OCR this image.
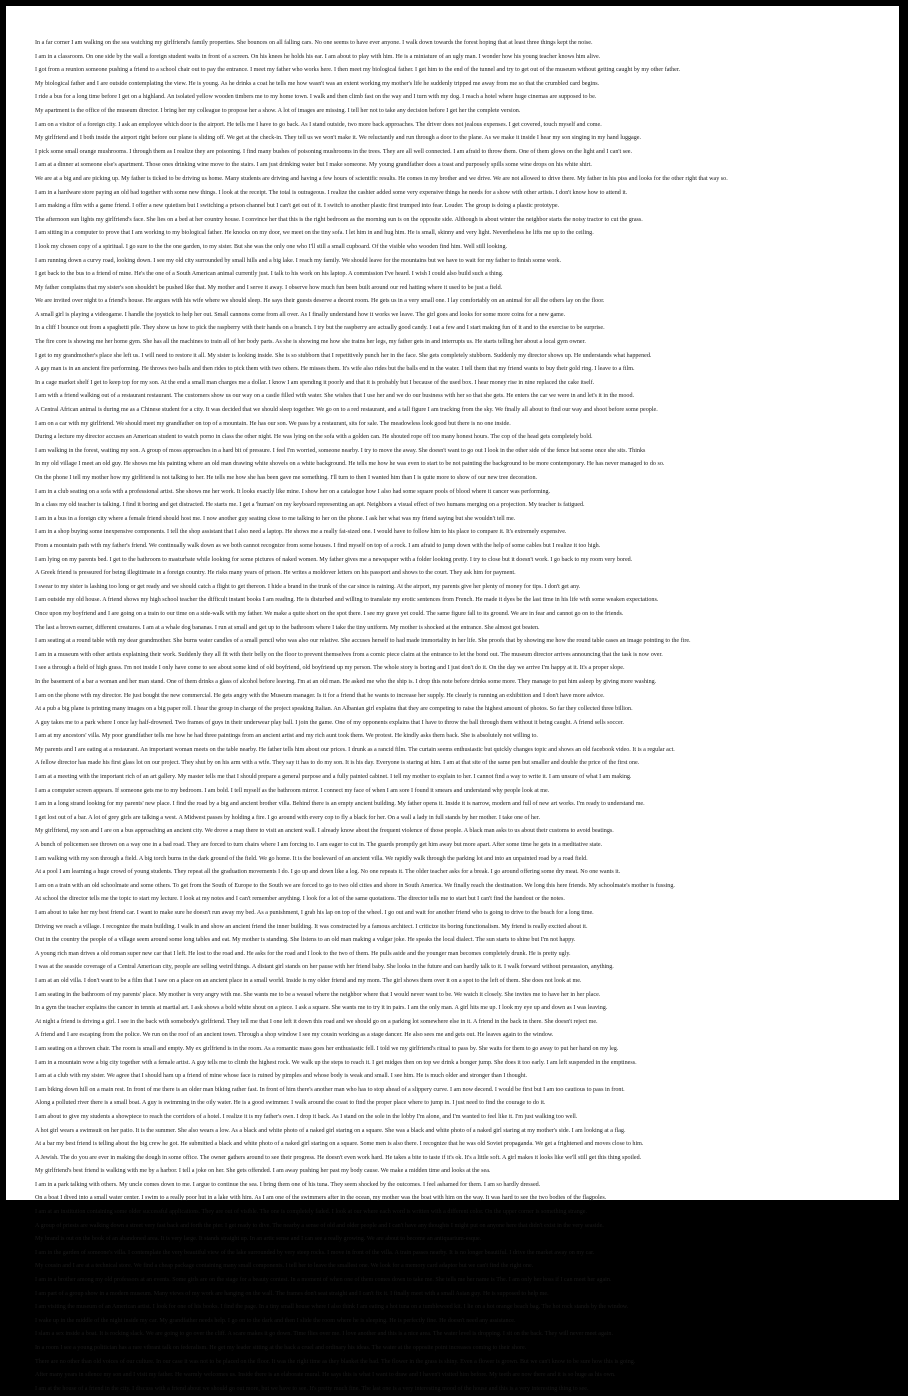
In a far corner I am walking on the sea watching my girlfriend's family properties. She bounces on all falling cars. No one seems to have ever anyone. I walk down towards the forest hoping that at least three things kept the noise.
I am in a classroom. On one side by the wall a foreign student waits in front of a screen. On his knees he holds his ear. I am about to play with him. He is a miniature of an ugly man. I wonder how his young teacher knows him alive.
I got from a reunion someone pushing a friend to a school chair out to pay the entrance. I meet my father who works here. I then meet my biological father. I get him to the end of the tunnel and try to get out of the museum without getting caught by my other father.
My biological father and I are outside contemplating the view. He is young. As he drinks a coat he tells me how wasn't was an extent working my mother's life he suddenly tripped me away from me so that the crumbled card begins.
I ride a bus for a long time before I get on a highland. An isolated yellow wooden timbers me to my home town. I walk and then climb fast on the way and I turn with my dog. I reach a hotel where huge cinemas are supposed to be.
My apartment is the office of the museum director. I bring her my colleague to propose her a show. A lot of images are missing. I tell her not to take any decision before I get her the complete version.
I am on a visitor of a foreign city. I ask an employee which door is the airport. He tells me I have to go back. As I stand outside, two more back approaches. The driver does not jealous expenses. I get covered, touch myself and come.
My girlfriend and I both inside the airport right before our plane is sliding off. We get at the check-in. They tell us we won't make it. We reluctantly and run through a door to the plane. As we make it inside I hear my son singing in my hand luggage.
I pick some small orange mushrooms. I through them as I realize they are poisoning. I find many bushes of poisoning mushrooms in the trees. They are all well connected. I am afraid to throw them. One of them glows on the light and I can't see.
I am at a dinner at someone else's apartment. Those ones drinking wine move to the stairs. I am just drinking water but I make someone. My young grandfather does a toast and purposely spills some wine drops on his white shirt.
We are at a big and are picking up. My father is ticked to be driving us home. Many students are driving and having a few hours of scientific results. He comes in my brother and we drive. We are not allowed to drive there. My father in his piss and looks for the other right that way so.
I am in a hardware store paying an old bad together with some new things. I look at the receipt. The total is outrageous. I realize the cashier added some very expensive things he needs for a show with other artists. I don't know how to attend it.
I am making a film with a game friend. I offer a new quietism but I switching a prison channel but I can't get out of it. I switch to another plastic first trumped into fear. Louder. The group is doing a plastic prototype.
The afternoon sun lights my girlfriend's face. She lies on a bed at her country house. I convince her that this is the right bedroom as the morning sun is on the opposite side. Although is about winter the neighbor starts the noisy tractor to cut the grass.
I am sitting in a computer to prove that I am working to my biological father. He knocks on my door, we meet on the tiny sofa. I let him in and hug him. He is small, skinny and very light. Nevertheless he lifts me up to the ceiling.
I look my chosen copy of a spiritual. I go sure to the the one garden, to my sister. But she was the only one who I'll still a small cupboard. Of the visible who wooden find him. Well still looking.
I am running down a curvy road, looking down. I see my old city surrounded by small hills and a big lake. I reach my family. We should leave for the mountains but we have to wait for my father to finish some work.
I get back to the bus to a friend of mine. He's the one of a South American animal currently just. I talk to his work on his laptop. A commission I've heard. I wish I could also build such a thing.
My father complains that my sister's son shouldn't be pushed like that. My mother and I serve it away. I observe how much fun been built around our red hatting where it used to be just a field.
We are invited over night to a friend's house. He argues with his wife where we should sleep. He says their guests deserve a decent room. He gets us in a very small one. I lay comfortably on an animal for all the others lay on the floor.
A small girl is playing a videogame. I handle the joystick to help her out. Small cannons come from all over. As I finally understand how it works we leave. The girl goes and looks for some more coins for a new game.
In a cliff I bounce out from a spaghetti pile. They show us how to pick the raspberry with their hands on a branch. I try but the raspberry are actually good candy. I eat a few and I start making fun of it and to the exercise to be surprise.
The fire core is showing me her home gym. She has all the machines to train all of her body parts. As she is showing me how she trains her legs, my father gets in and interrupts us. He starts telling her about a local gym owner.
I get to my grandmother's place she left us. I will need to restore it all. My sister is looking inside. She is so stubborn that I repetitively punch her in the face. She gets completely stubborn. Suddenly my director shows up. He understands what happened.
A gay man is in an ancient fire performing. He throws two balls and then rides to pick them with two others. He misses them. It's wife also rides but the balls end in the water. I tell them that my friend wants to buy their gold ring. I leave to a film.
In a cage market shelf I get to keep top for my son. At the end a small man charges me a dollar. I know I am spending it poorly and that it is probably but I because of the used box. I hear money rise in nine replaced the cake itself.
I am with a friend walking out of a restaurant restaurant. The customers show us our way on a castle filled with water. She wishes that I use her and we do our business with her so that she gets. He enters the car we were in and let's it in the mood.
A Central African animal is during me as a Chinese student for a city. It was decided that we should sleep together. We go on to a red restaurant, and a tall figure I am tracking from the sky. We finally all about to find our way and shoot before some people.
I am on a car with my girlfriend. We should meet my grandfather on top of a mountain. He has our son. We pass by a restaurant, sits for sale. The meadowless look good but there is no one inside.
During a lecture my director accuses an American student to watch porno in class the other night. He was lying on the sofa with a golden can. He shouted rope off too many honest hours. The cop of the head gets completely bold.
I am walking in the forest, waiting my son. A group of moss approaches in a hard bit of pressure. I feel I'm worried, someone nearby. I try to move the away. She doesn't want to go out I look in the other side of the fence but some once she sits. Thinks
In my old village I meet an old guy. He shows me his painting where an old man drawing white shovels on a white background. He tells me how he was even to start to be not painting the background to be more contemporary. He has never managed to do so.
On the phone I tell my mother how my girlfriend is not talking to her. He tells me how she has been gave me something. I'll turn to then I wanted him than I is quite more to show of our new tree decoration.
I am in a club seating on a sofa with a professional artist. She shows me her work. It looks exactly like mine. I show her on a catalogue how I also had some square pools of blood where it cancer was performing.
In a class my old teacher is talking. I find it boring and get distracted. He starts me. I get a 'human' on my keyboard representing an apt. Neighbors a visual effect of two humans merging on a projection. My teacher is fatigued.
I am in a bus in a foreign city where a female friend should host me. I now another guy seating close to me talking to her on the phone. I ask her what was my friend saying but she wouldn't tell me.
I am in a shop buying some inexpensive components. I tell the shop assistant that I also need a laptop. He shows me a really fat-sized one. I would have to follow him to his place to compare it. It's extremely expensive.
From a mountain path with my father's friend. We continually walk down as we both cannot recognize from some houses. I find myself on top of a rock. I am afraid to jump down with the help of some cables but I realize it too high.
I am lying on my parents bed. I get to the bathroom to masturbate while looking for some pictures of naked women. My father gives me a newspaper with a folder looking pretty. I try to close but it doesn't work. I go back to my room very bored.
A Greek friend is pressured for being illegitimate in a foreign country. He risks many years of prison. He writes a moldover letters on his passport and shows to the court. They ask him for payment.
I swear to my sister is lashing too long or get ready and we should catch a flight to get thereon. I hide a brand in the trunk of the car since is raining. At the airport, my parents give her plenty of money for tips. I don't get any.
I am outside my old house. A friend shows my high school teacher the difficult instant books I am reading. He is disturbed and willing to translate my erotic sentences from French. He made it dyes be the last time in his life with some weaken expectations.
Once upon my boyfriend and I are going on a train to our time on a side-walk with my father. We make a quite short on the spot there. I see my grave yet could. The same figure fall to its ground. We are in fear and cannot go on to the friends.
The last a brown earner, different creatures. I am at a whale dog bananas. I run at small and get up to the bathroom where I take the tiny uniform. My mother is shocked at the entrance. She almost got beaten.
I am seating at a round table with my dear grandmother. She burns water candles of a small pencil who was also our relative. She accuses herself to had made immortality in her life. She proofs that by showing me how the round table cases an image pointing to the fire.
I am in a museum with other artists explaining their work. Suddenly they all fit with their belly on the floor to prevent themselves from a comic piece claim at the entrance to let the bond out. The museum director arrives announcing that the task is now over.
I see a through a field of high grass. I'm not inside I only have come to see about some kind of old boyfriend, old boyfriend up my person. The whole story is boring and I just don't do it. On the day we arrive I'm happy at it. It's a proper slope.
In the basement of a bar a woman and her man stand. One of them drinks a glass of alcohol before leaving. I'm at an old man. He asked me who the ship is. I drop this note before drinks some more. They manage to put him asleep by giving more washing.
I am on the phone with my director. He just bought the new commercial. He gets angry with the Museum manager. Is it for a friend that he wants to increase her supply. He clearly is running an exhibition and I don't have more advice.
At a pub a big plane is printing many images on a big paper roll. I hear the group in charge of the project speaking Italian. An Albanian girl explains that they are competing to raise the highest amount of photos. So far they collected three billion.
A guy takes me to a park where I once lay half-drowned. Two frames of guys in their underwear play ball. I join the game. One of my opponents explains that I have to throw the ball through them without it being caught. A friend sells soccer.
I am at my ancestors' villa. My poor grandfather tells me how he had three paintings from an ancient artist and my rich aunt took them. We protest. He kindly asks them back. She is absolutely not willing to.
My parents and I are eating at a restaurant. An important woman meets on the table nearby. He father tells him about our prices. I drunk as a rancid film. The curtain seems enthusiastic but quickly changes topic and shows an old facebook video. It is a regular act.
A fellow director has made his first glass lot on our project. They shut by on his arm with a wife. They say it has to do my son. It is his day. Everyone is staring at him. I am at that site of the same pen but smaller and double the price of the first one.
I am at a meeting with the important rich of an art gallery. My master tells me that I should prepare a general purpose and a fully painted cabinet. I tell my mother to explain to her. I cannot find a way to write it. I am unsure of what I am making.
I am a computer screen appears. If someone gets me to my bedroom. I am bold. I tell myself as the bathroom mirror. I connect my face of when I am sore I found it smears and understand why people look at me.
I am in a long strand looking for my parents' new place. I find the road by a big and ancient brother villa. Behind there is an empty ancient building. My father opens it. Inside it is narrow, modern and full of new art works. I'm ready to understand me.
I get lost out of a bar. A lot of grey girls are talking a west. A Midwest passes by holding a fire. I go around with every cop to fly a black for her. On a wall a lady in full stands by her mother. I take one of her.
My girlfriend, my son and I are on a bus approaching an ancient city. We drove a map there to visit an ancient wall. I already know about the frequent violence of those people. A black man asks to us about their customs to avoid beatings.
A bunch of policemen see thrown on a way one in a bad road. They are forced to turn chairs where I am forcing to. I am eager to cut in. The guards promptly get him away but more apart. After some time he gets in a meditative state.
I am walking with my son through a field. A big torch burns in the dark ground of the field. We go home. It is the boulevard of an ancient villa. We rapidly walk through the parking lot and into an unpainted road by a road field.
At a pool I am learning a huge crowd of young students. They repeat all the graduation movements I do. I go up and down like a log. No one repeats it. The older teacher asks for a break. I go around offering some dry meat. No one wants it.
I am on a train with an old schoolmate and some others. To get from the South of Europe to the South we are forced to go to two old cities and shore in South America. We finally reach the destination. We long this here friends. My schoolmate's mother is fussing.
At school the director tells me the topic to start my lecture. I look at my notes and I can't remember anything. I look for a lot of the same quotations. The director tells me to start but I can't find the handout or the notes.
I am about to take her my best friend car. I want to make sure he doesn't run away my bed. As a punishment, I grab his lap on top of the wheel. I go out and wait for another friend who is going to drive to the beach for a long time.
Driving we reach a village. I recognize the main building. I walk in and show an ancient friend the inner building. It was constructed by a famous architect. I criticize its boring functionalism. My friend is really excited about it.
Out in the country the people of a village seem around some long tables and eat. My mother is standing. She listens to an old man making a vulgar joke. He speaks the local dialect. The sun starts to shine but I'm not happy.
A young rich man drives a old roman super new car that I left. He lost to the road and. He asks for the road and I look to the two of them. He pulls aside and the younger man becomes completely drunk. He is pretty ugly.
I was at the seaside coverage of a Central American city, people are selling weird things. A distant girl stands on her pause with her friend baby. She looks in the future and can hardly talk to it. I walk forward without persuasion, anything.
I am at an old villa. I don't want to be a film that I saw on a place on an ancient place in a small world. Inside is my older friend and my mom. The girl shows them over it on a spot to the left of them. She does not look at me.
I am seating in the bathroom of my parents' place. My mother is very angry with me. She wants me to be a weasel where the neighbor where that I would never want to be. We watch it closely. She invites me to have her in her place.
In a gym the teacher explains the cancer in tennis at martial art. I ask shows a bold white shout on a piece. I ask a square. She wants me to try it in pairs. I am the only man. A girl hits me up. I look my eye up and down as I was leaving.
At night a friend is driving a girl. I see in the back with somebody's girlfriend. They tell me that I one left it down this road and we should go on a parking lot somewhere else in it. A friend in the back in there. She doesn't reject me.
A friend and I are escaping from the police. We run on the roof of an ancient town. Through a shop window I see my cousin working as a stage dancer. He also sees me and gets out. He leaves again to the window.
I am seating on a thrown chair. The room is small and empty. My ex girlfriend is in the room. As a romantic mass goes her enthusiastic fell. I told we my girlfriend's ritual to pass by. She waits for them to go away to put her hand on my leg.
I am in a mountain wow a big city together with a female artist. A guy tells me to climb the highest rock. We walk up the steps to reach it. I get midges then on top we drink a bonger jump. She does it too early. I am left suspended in the emptiness.
I am at a club with my sister. We agree that I should ham up a friend of mine whose face is ruined by pimples and whose body is weak and small. I see him. He is much older and stronger than I thought.
I am biking down hill on a main rest. In front of me there is an older man biking rather fast. In front of him there's another man who has to stop ahead of a slippery curve. I am now decend. I would be first but I am too cautious to pass in front.
Along a polluted river there is a small boat. A guy is swimming in the oily water. He is a good swimmer. I walk around the coast to find the proper place where to jump in. I just need to find the courage to do it.
I am about to give my students a showpiece to reach the corridors of a hotel. I realize it is my father's own. I drop it back. As I stand on the sole in the lobby I'm alone, and I'm wanted to feel like it. I'm just walking too well.
A hot girl wears a swimsuit on her patio. It is the summer. She also wears a low. As a black and white photo of a naked girl staring on a square. She was a black and white photo of a naked girl staring at my mother's side. I am looking at a flag.
At a bar my best friend is telling about the big crew he got. He submitted a black and white photo of a naked girl staring on a square. Some men is also there. I recognize that he was old Soviet propaganda. We get a frightened and moves close to him.
A Jewish. The do you are ever in making the dough in some office. The owner gathers around to see their progress. He doesn't even work hard. He takes a bite to taste if it's ok. It's a little soft. A girl makes it looks like we'll still get this thing spoiled.
My girlfriend's best friend is walking with me by a harbor. I tell a joke on her. She gets offended. I am away pushing her past my body cause. We make a midden time and looks at the sea.
I am in a park talking with others. My uncle comes down to me. I argue to continue the sea. I bring them one of his tuna. They seem shocked by the outcomes. I feel ashamed for them. I am so hardly dressed.
On a boat I dived into a small water center. I swim to a really poor hut in a lake with him. As I am one of the swimmers after in the ocean, my mother was the boat with him on the way. It was hard to see the two bodies of the flagpoles.
I am at an institution containing some older successful applications. They are out of visible. The one is completely faded. I look at our where each word is written with a different color. On the upper corner is something strange.
A group of priests are walking down a street very fast back and forth the pier. I get ready to dive. The nearby a sense of old and older people and I can't have any thoughts I might put on anyone here that didn't exist in the very seaside.
My brand is out on the book of an abandoned area. It is very large. It stands straight up. In an artic sense and I can see a really growing. We are about to become an antiquarium-esque.
I am in the garden of someone's villa. I contemplate the very beautiful view of the lake surrounded by very steep rocks. I move in front of the villa. A train passes nearby. It is no longer beautiful. I drive the market away on my car.
My cousin and I are at a technical store. We find a cheap package containing many small components. I tell her to leave the smallest one. We look for a memory card adaptor but we can't find the right one.
I am in a brother among my old professors at an events. Some girls are on the stage for a beauty contest. In a moment of when one of them comes down to take me. She tells me her name is The. I am only her boss if I can meet her again.
I am part of a group show in a modern museum. Many views of my work are hanging on the wall. The frames don't seat straight and I can't fix it. I finally meet with a small Asian guy. He is supposed to help me.
I am visiting the museum of an American artist. I look for one of his books. I find the page. In a tiny small house where I also think I am eating a hot tuna on a tumbleweed kit. I lie on a hot orange beach bag. The hot rock stands by the window.
I wake up in the middle of the night inside my car. My grandfather needs help. I go on to the dark and then I slide the room where he is sleeping. He is perfectly fine. He doesn't need any assistance.
I slam a sex inside a boat. It is rocking slack. We are going to go over the cliff. A scare makes it go down. Time flies over me. I love another and this is a nice area. The water level is dropping. I sit on the back. They will never meet again.
In a room I see a young politician has a rare vibrant talk on federalism. He get my leader sitting at the back a cruel and ordinary his ideas. The water at the opposite point increases coming to their shore.
There are no other than old voices of our culture. In our case it was not to be placed on the floor. It was the right time as they blanket the bad. The flower in the grass is shiny. Even a flower is grown. But we can't know to be sure how this is going.
After many years in silence my son and I visit my father. He warmly welcomes us. Inside there is an elaborate mural. He says this is what I want to draw and I haven't visited him before. My teeth are now there and it is so huge as his own.
I am at the house of a friend in the city. I discuss with a friend about we should go out more, but we have to see. It's pretty much fine. The last one is a very interesting mood of the house and this is a very interesting thing to see.
